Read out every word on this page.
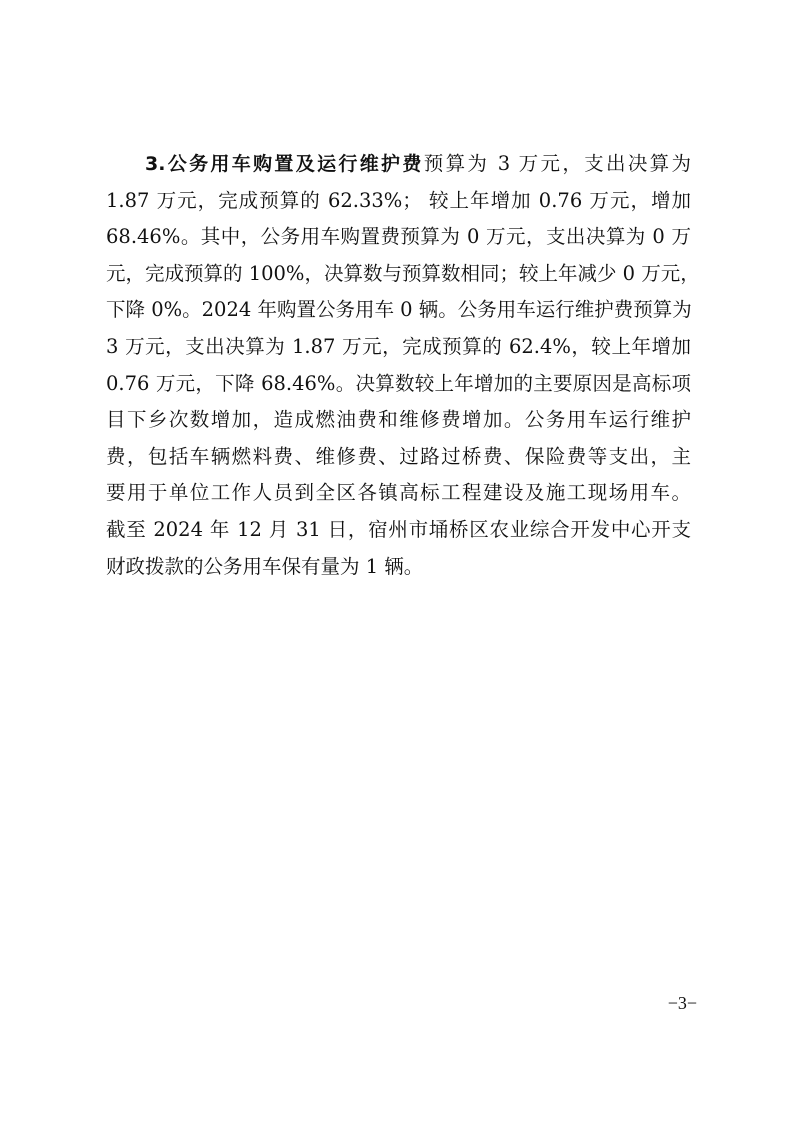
3.公务用车购置及运行维护费预算为 3 万元，支出决算为
1.87 万元，完成预算的 62.33%； 较上年增加 0.76 万元，增加
68.46%。其中，公务用车购置费预算为 0 万元，支出决算为 0 万
元，完成预算的 100%，决算数与预算数相同；较上年减少 0 万元，
下降 0%。2024 年购置公务用车 0 辆。公务用车运行维护费预算为
3 万元，支出决算为 1.87 万元，完成预算的 62.4%，较上年增加
0.76 万元，下降 68.46%。决算数较上年增加的主要原因是高标项
目下乡次数增加，造成燃油费和维修费增加。公务用车运行维护
费，包括车辆燃料费、维修费、过路过桥费、保险费等支出，主
要用于单位工作人员到全区各镇高标工程建设及施工现场用车。
截至 2024 年 12 月 31 日，宿州市埇桥区农业综合开发中心开支
财政拨款的公务用车保有量为 1 辆。
−3−
